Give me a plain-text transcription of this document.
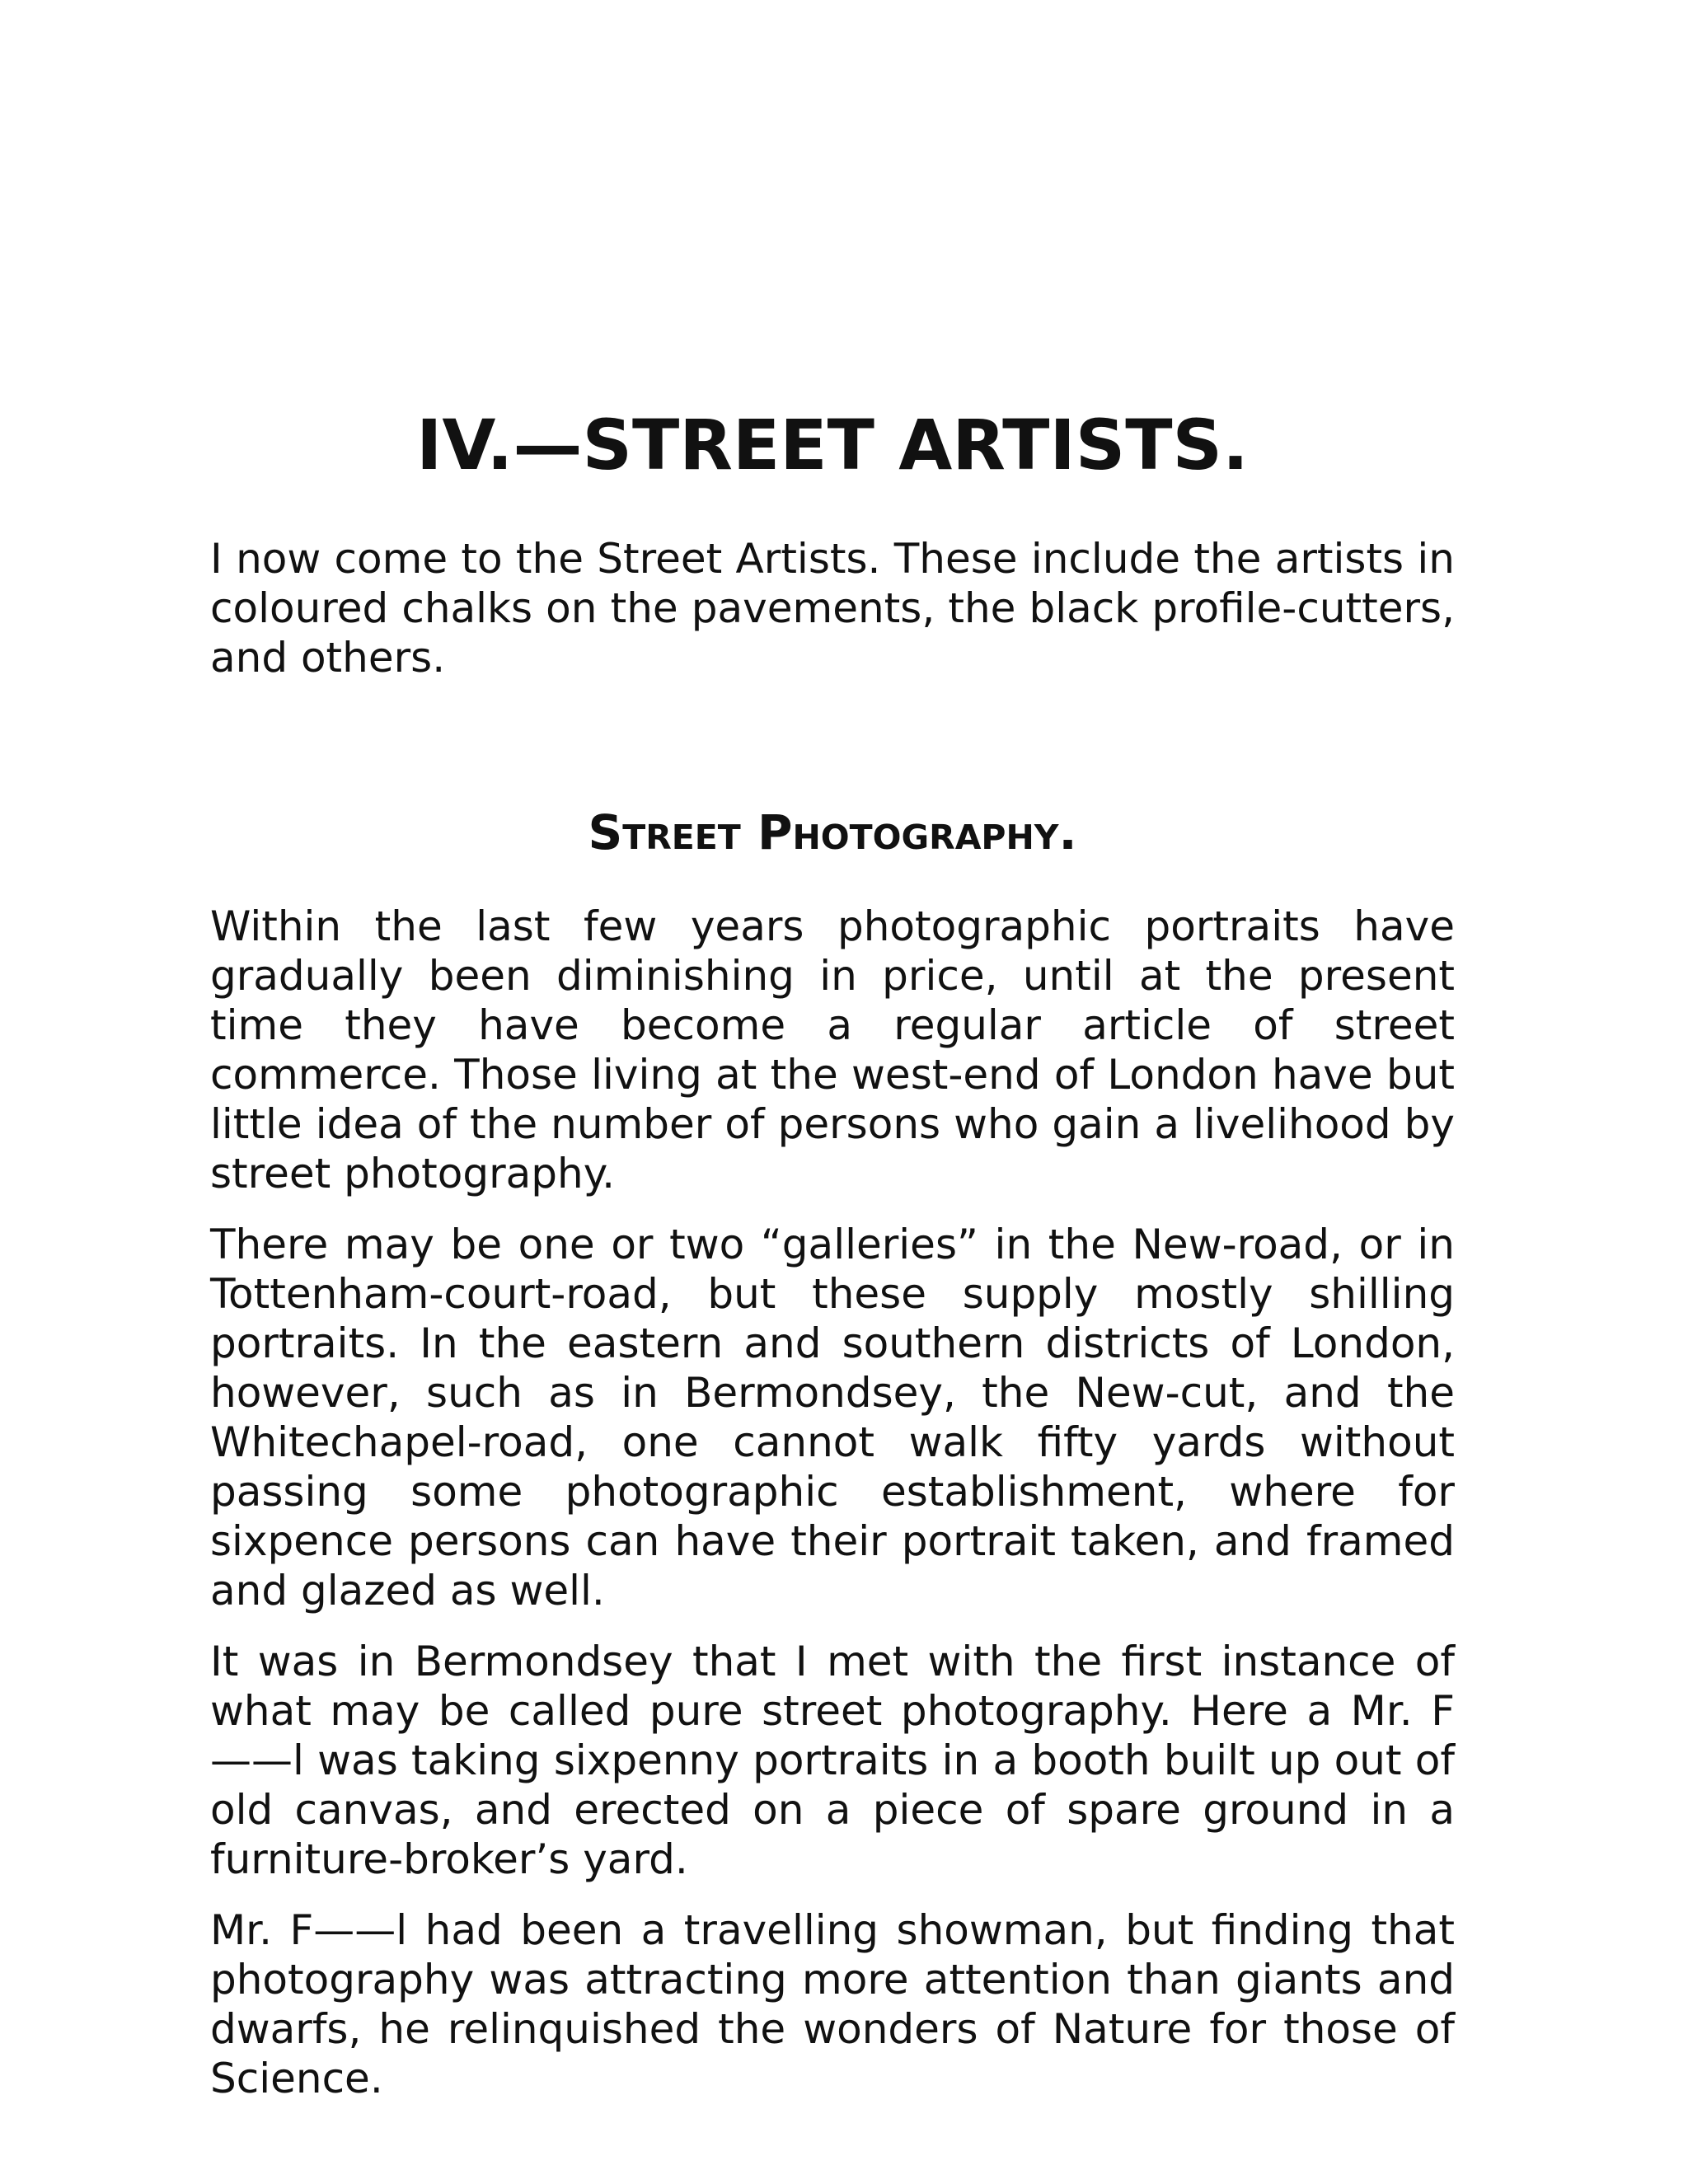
IV.—STREET ARTISTS.

I now come to the Street Artists. These include the artists in coloured chalks on the pavements, the black profile-cutters, and others.

Street Photography.

Within the last few years photographic portraits have gradually been diminishing in price, until at the present time they have become a regular article of street commerce. Those living at the west-end of London have but little idea of the number of persons who gain a livelihood by street photography.

There may be one or two “galleries” in the New-road, or in Tottenham-court-road, but these supply mostly shilling portraits. In the eastern and southern districts of London, however, such as in Bermondsey, the New-cut, and the Whitechapel-road, one cannot walk fifty yards without passing some photographic establishment, where for sixpence persons can have their portrait taken, and framed and glazed as well.

It was in Bermondsey that I met with the first instance of what may be called pure street photography. Here a Mr. F——l was taking sixpenny portraits in a booth built up out of old canvas, and erected on a piece of spare ground in a furniture-broker’s yard.

Mr. F——l had been a travelling showman, but finding that photography was attracting more attention than giants and dwarfs, he relinquished the wonders of Nature for those of Science.
